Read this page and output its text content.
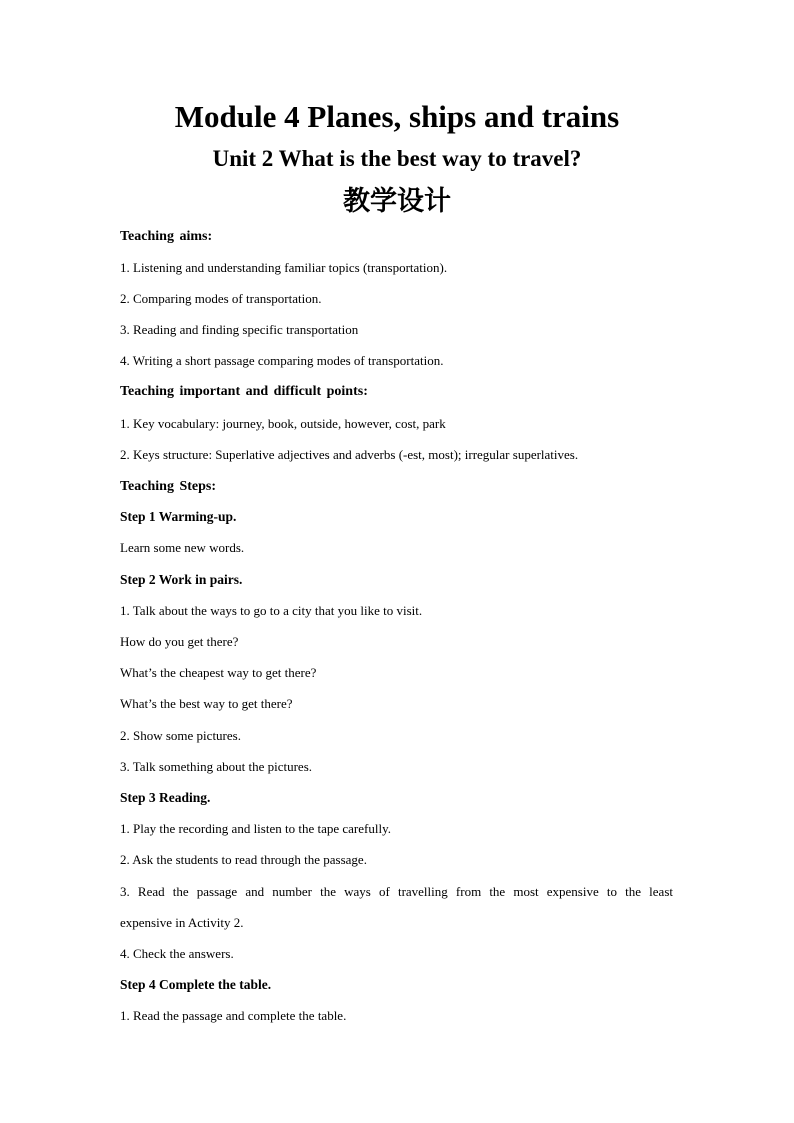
Module 4 Planes, ships and trains
Unit 2 What is the best way to travel?
教学设计
Teaching aims:
1. Listening and understanding familiar topics (transportation).
2. Comparing modes of transportation.
3. Reading and finding specific transportation
4. Writing a short passage comparing modes of transportation.
Teaching important and difficult points:
1. Key vocabulary: journey, book, outside, however, cost, park
2. Keys structure: Superlative adjectives and adverbs (-est, most); irregular superlatives.
Teaching Steps:
Step 1 Warming-up.
Learn some new words.
Step 2 Work in pairs.
1. Talk about the ways to go to a city that you like to visit.
How do you get there?
What’s the cheapest way to get there?
What’s the best way to get there?
2. Show some pictures.
3. Talk something about the pictures.
Step 3 Reading.
1. Play the recording and listen to the tape carefully.
2. Ask the students to read through the passage.
3. Read the passage and number the ways of travelling from the most expensive to the least
expensive in Activity 2.
4. Check the answers.
Step 4 Complete the table.
1. Read the passage and complete the table.
